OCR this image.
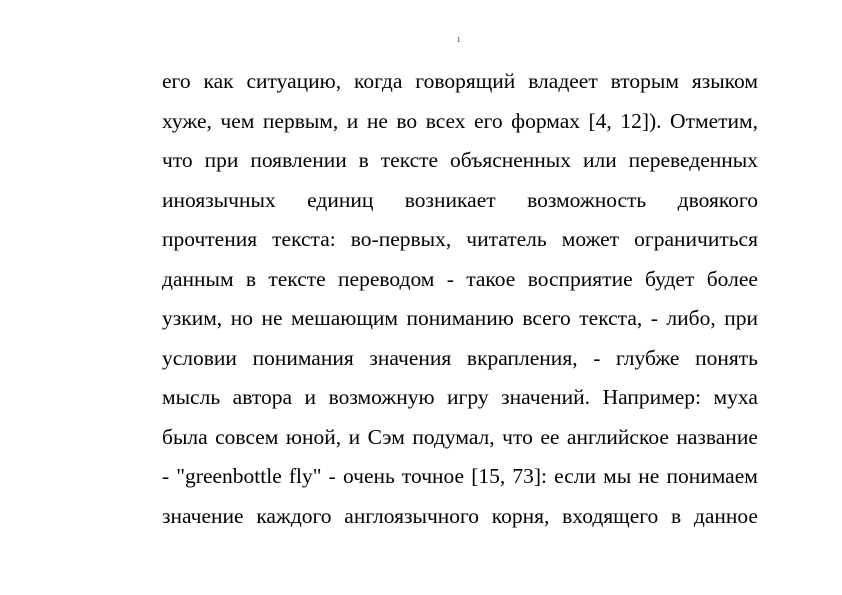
1
его как ситуацию, когда говорящий владеет вторым языком
хуже, чем первым, и не во всех его формах [4, 12]). Отметим,
что при появлении в тексте объясненных или переведенных
иноязычных единиц возникает возможность двоякого
прочтения текста: во-первых, читатель может ограничиться
данным в тексте переводом - такое восприятие будет более
узким, но не мешающим пониманию всего текста, - либо, при
условии понимания значения вкрапления, - глубже понять
мысль автора и возможную игру значений. Например: муха
была совсем юной, и Сэм подумал, что ее английское название
- "greenbottle fly" - очень точное [15, 73]: если мы не понимаем
значение каждого англоязычного корня, входящего в данное
